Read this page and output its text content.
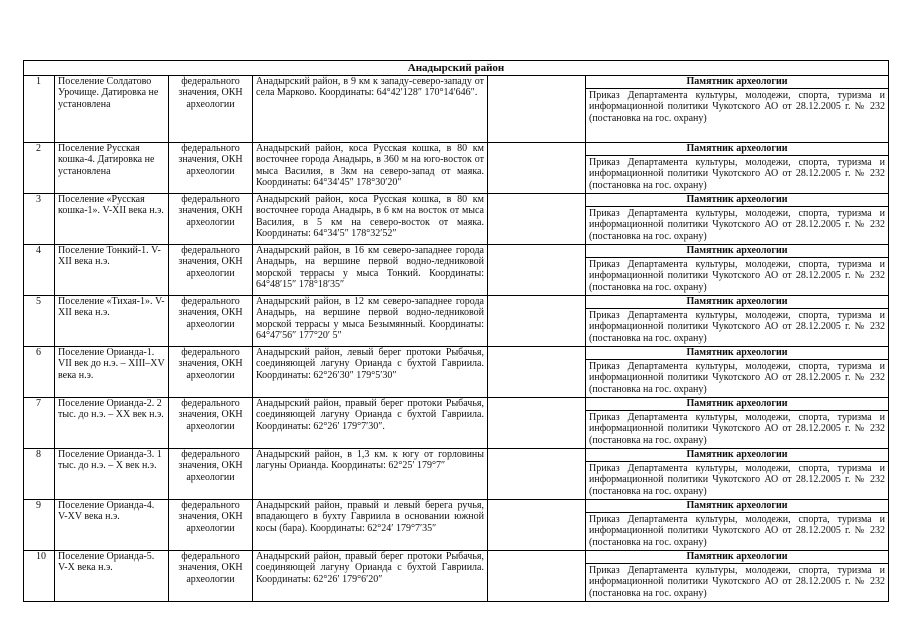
Анадырский район					
1	Поселение Солдатово Урочище. Датировка не установлена	федерального значения, ОКН археологии	Анадырский район, в 9 км к западу-северо-западу от села Марково. Координаты: 64°42′128″ 170°14′646″.		Памятник археологии
Приказ Департамента культуры, молодежи, спорта, туризма и информационной политики Чукотского АО от 28.12.2005 г. № 232 (постановка на гос. охрану)

2	Поселение Русская кошка-4. Датировка не установлена	федерального значения, ОКН археологии	Анадырский район, коса Русская кошка, в 80 км восточнее города Анадырь, в 360 м на юго-восток от мыса Василия, в 3км на северо-запад от маяка. Координаты: 64°34′45″ 178°30′20″		Памятник археологии
Приказ Департамента культуры, молодежи, спорта, туризма и информационной политики Чукотского АО от 28.12.2005 г. № 232 (постановка на гос. охрану)

3	Поселение «Русская кошка-1». V-XII века н.э.	федерального значения, ОКН археологии	Анадырский район, коса Русская кошка, в 80 км восточнее города Анадырь, в 6 км на восток от мыса Василия, в 5 км на северо-восток от маяка. Координаты: 64°34′5″ 178°32′52″		Памятник археологии
Приказ Департамента культуры, молодежи, спорта, туризма и информационной политики Чукотского АО от 28.12.2005 г. № 232 (постановка на гос. охрану)

4	Поселение Тонкий-1. V-XII века н.э.	федерального значения, ОКН археологии	Анадырский район, в 16 км северо-западнее города Анадырь, на вершине первой водно-ледниковой морской террасы у мыса Тонкий. Координаты: 64°48′15″ 178°18′35″		Памятник археологии
Приказ Департамента культуры, молодежи, спорта, туризма и информационной политики Чукотского АО от 28.12.2005 г. № 232 (постановка на гос. охрану)

5	Поселение «Тихая-1». V-XII века н.э.	федерального значения, ОКН археологии	Анадырский район, в 12 км северо-западнее города Анадырь, на вершине первой водно-ледниковой морской террасы у мыса Безымянный. Координаты: 64°47′56″ 177°20′ 5″		Памятник археологии
Приказ Департамента культуры, молодежи, спорта, туризма и информационной политики Чукотского АО от 28.12.2005 г. № 232 (постановка на гос. охрану)

6	Поселение Орианда-1. VII век до н.э. – XIII–XV века н.э.	федерального значения, ОКН археологии	Анадырский район, левый берег протоки Рыбачья, соединяющей лагуну Орианда с бухтой Гавриила. Координаты: 62°26′30″ 179°5′30″		Памятник археологии
Приказ Департамента культуры, молодежи, спорта, туризма и информационной политики Чукотского АО от 28.12.2005 г. № 232 (постановка на гос. охрану)

7	Поселение Орианда-2. 2 тыс. до н.э. – XX век н.э.	федерального значения, ОКН археологии	Анадырский район, правый берег протоки Рыбачья, соединяющей лагуну Орианда с бухтой Гавриила. Координаты: 62°26′ 179°7′30″.		Памятник археологии
Приказ Департамента культуры, молодежи, спорта, туризма и информационной политики Чукотского АО от 28.12.2005 г. № 232 (постановка на гос. охрану)

8	Поселение Орианда-3. 1 тыс. до н.э. – X век н.э.	федерального значения, ОКН археологии	Анадырский район, в 1,3 км. к югу от горловины лагуны Орианда. Координаты: 62°25′ 179°7″		Памятник археологии
Приказ Департамента культуры, молодежи, спорта, туризма и информационной политики Чукотского АО от 28.12.2005 г. № 232 (постановка на гос. охрану)

9	Поселение Орианда-4. V-XV века н.э.	федерального значения, ОКН археологии	Анадырский район, правый и левый берега ручья, впадающего в бухту Гавриила в основании южной косы (бара). Координаты: 62°24′ 179°7′35″		Памятник археологии
Приказ Департамента культуры, молодежи, спорта, туризма и информационной политики Чукотского АО от 28.12.2005 г. № 232 (постановка на гос. охрану)

10	Поселение Орианда-5. V-X века н.э.	федерального значения, ОКН археологии	Анадырский район, правый берег протоки Рыбачья, соединяющей лагуну Орианда с бухтой Гавриила. Координаты: 62°26′ 179°6′20″		Памятник археологии
Приказ Департамента культуры, молодежи, спорта, туризма и информационной политики Чукотского АО от 28.12.2005 г. № 232 (постановка на гос. охрану)
